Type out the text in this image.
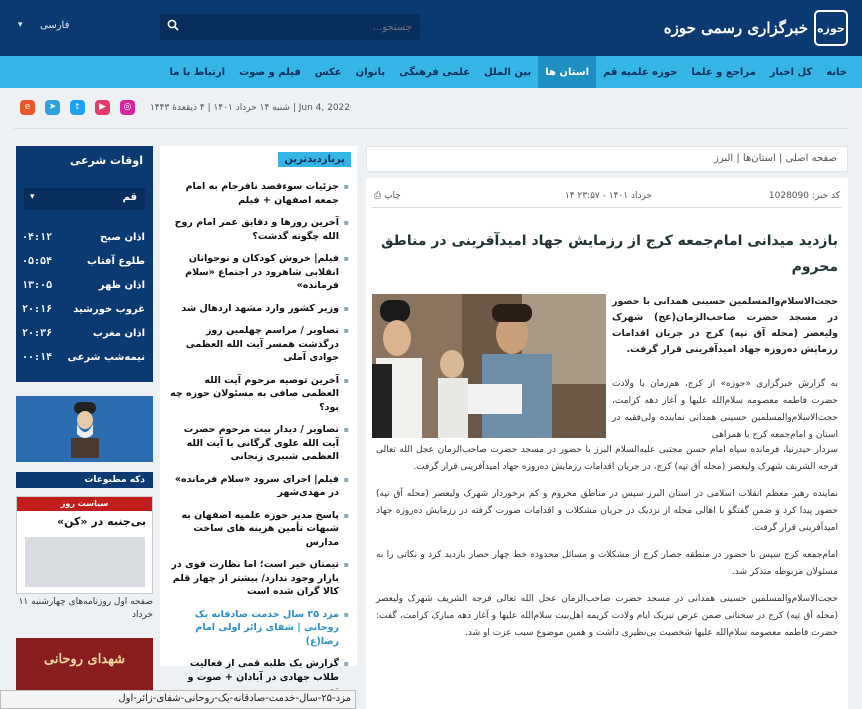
حوزه
خبرگزاری رسمی حوزه
جستجو...
فارسی
▾
خانه
کل اخبار
مراجع و علما
حوزه علمیه قم
استان ها
بین الملل
علمی فرهنگی
بانوان
عکس
فیلم و صوت
ارتباط با ما
شنبه ۱۴ خرداد ۱۴۰۱ | ۴ ذیقعدهٔ ۱۴۴۳ | Jun 4, 2022
e	➤	t	▶	◎
اوقات شرعی
قم
▾
اذان صبح
۰۴:۱۲
طلوع آفتاب
۰۵:۵۴
اذان ظهر
۱۳:۰۵
غروب خورشید
۲۰:۱۶
اذان مغرب
۲۰:۳۶
نیمه‌شب شرعی
۰۰:۱۴
دکه مطبوعات
سیاست روز
بی‌جنبه در «کن»
صفحه اول روزنامه‌های چهارشنبه ۱۱ خرداد
شهدای روحانی
پربازدیدترین
▪ جزئیات سوءقصد نافرجام به امام جمعه اصفهان + فیلم
▪ آخرین روزها و دقایق عمر امام روح الله چگونه گذشت؟
▪ فیلم| خروش کودکان و نوجوانان انقلابی شاهرود در اجتماع «سلام فرمانده»
▪ وزیر کشور وارد مشهد اردهال شد
▪ تصاویر / مراسم چهلمین روز درگذشت همسر آیت الله العظمی جوادی آملی
▪ آخرین توصیه مرحوم آیت الله العظمی صافی به مسئولان حوزه چه بود؟
▪ تصاویر / دیدار بیت مرحوم حضرت آیت الله علوی گرگانی با آیت الله العظمی شبیری زنجانی
▪ فیلم| اجرای سرود «سلام فرمانده» در مهدی‌شهر
▪ پاسخ مدیر حوزه علمیه اصفهان به شبهات تأمین هزینه های ساخت مدارس
▪ نیمتان خیر است؛ اما نظارت قوی در بازار وجود ندارد/ بیشتر از چهار قلم کالا گران شده است
▪ مزد ۲۵ سال خدمت صادقانه یک روحانی | شفای زائر اولی امام رضا(ع)
▪ گزارش یک طلبه قمی از فعالیت طلاب جهادی در آبادان + صوت و
صفحه اصلی | استان‌ها | البرز
کد خبر: 1028090
۱۴ خرداد ۱۴۰۱ - ۲۳:۵۷
⎙ چاپ
بازدید میدانی امام‌جمعه کرج از رزمایش جهاد امیدآفرینی در مناطق محروم
حجت‌الاسلام‌والمسلمین حسینی همدانی با حضور در مسجد حضرت صاحب‌الزمان(عج) شهرک ولیعصر (محله آق تپه) کرج در جریان اقدامات رزمایش ده‌روزه جهاد امیدآفرینی قرار گرفت.
به گزارش خبرگزاری «حوزه» از کرج، هم‌زمان با ولادت حضرت فاطمه معصومه سلام‌الله علیها و آغاز دهه کرامت، حجت‌الاسلام‌والمسلمین حسینی همدانی نماینده ولی‌فقیه در استان و امام‌جمعه کرج با همراهی

سردار حیدرنیا، فرمانده سپاه امام حسن مجتبی علیه‌السلام البرز با حضور در مسجد حضرت صاحب‌الزمان عجل الله تعالی فرجه الشریف شهرک ولیعصر (محله آق تپه) کرج، در جریان اقدامات رزمایش ده‌روزه جهاد امیدآفرینی قرار گرفت.

نماینده رهبر معظم انقلاب اسلامی در استان البرز سپس در مناطق محروم و کم برخوردار شهرک ولیعصر (محله آق تپه) حضور پیدا کرد و ضمن گفتگو با اهالی محله از نزدیک در جریان مشکلات و اقدامات صورت گرفته در رزمایش ده‌روزه جهاد امیدآفرینی قرار گرفت.

امام‌جمعه کرج سپس با حضور در منطقه حصار کرج از مشکلات و مسائل محدوده خط چهار حصار بازدید کرد و نکاتی را به مسئولان مربوطه متذکر شد.

حجت‌الاسلام‌والمسلمین حسینی همدانی در مسجد حضرت صاحب‌الزمان عجل الله تعالی فرجه الشریف شهرک ولیعصر (محله آق تپه) کرج در سخنانی ضمن عرض تبریک ایام ولادت کریمه اهل‌بیت سلام‌الله علیها و آغاز دهه مبارک کرامت، گفت: حضرت فاطمه معصومه سلام‌الله علیها شخصیت بی‌نظیری داشت و همین موضوع سبب عزت او شد.

مزد-۲۵-سال-خدمت-صادقانه-یک-روحانی-شفای-زائر-اول
